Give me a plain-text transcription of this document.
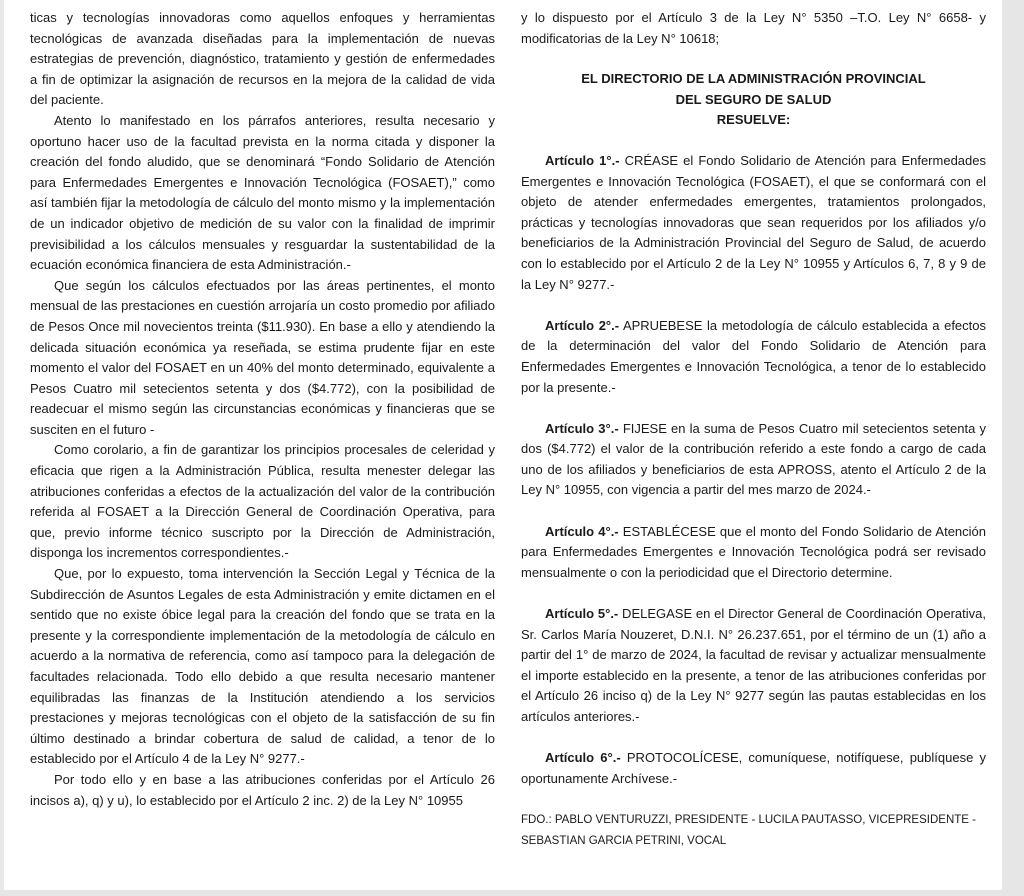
ticas y tecnologías innovadoras como aquellos enfoques y herramientas tecnológicas de avanzada diseñadas para la implementación de nuevas estrategias de prevención, diagnóstico, tratamiento y gestión de enfermedades a fin de optimizar la asignación de recursos en la mejora de la calidad de vida del paciente.

Atento lo manifestado en los párrafos anteriores, resulta necesario y oportuno hacer uso de la facultad prevista en la norma citada y disponer la creación del fondo aludido, que se denominará “Fondo Solidario de Atención para Enfermedades Emergentes e Innovación Tecnológica (FOSAET),” como así también fijar la metodología de cálculo del monto mismo y la implementación de un indicador objetivo de medición de su valor con la finalidad de imprimir previsibilidad a los cálculos mensuales y resguardar la sustentabilidad de la ecuación económica financiera de esta Administración.-

Que según los cálculos efectuados por las áreas pertinentes, el monto mensual de las prestaciones en cuestión arrojaría un costo promedio por afiliado de Pesos Once mil novecientos treinta ($11.930). En base a ello y atendiendo la delicada situación económica ya reseñada, se estima prudente fijar en este momento el valor del FOSAET en un 40% del monto determinado, equivalente a Pesos Cuatro mil setecientos setenta y dos ($4.772), con la posibilidad de readecuar el mismo según las circunstancias económicas y financieras que se susciten en el futuro -

Como corolario, a fin de garantizar los principios procesales de celeridad y eficacia que rigen a la Administración Pública, resulta menester delegar las atribuciones conferidas a efectos de la actualización del valor de la contribución referida al FOSAET a la Dirección General de Coordinación Operativa, para que, previo informe técnico suscripto por la Dirección de Administración, disponga los incrementos correspondientes.-

Que, por lo expuesto, toma intervención la Sección Legal y Técnica de la Subdirección de Asuntos Legales de esta Administración y emite dictamen en el sentido que no existe óbice legal para la creación del fondo que se trata en la presente y la correspondiente implementación de la metodología de cálculo en acuerdo a la normativa de referencia, como así tampoco para la delegación de facultades relacionada. Todo ello debido a que resulta necesario mantener equilibradas las finanzas de la Institución atendiendo a los servicios prestaciones y mejoras tecnológicas con el objeto de la satisfacción de su fin último destinado a brindar cobertura de salud de calidad, a tenor de lo establecido por el Artículo 4 de la Ley N° 9277.-

Por todo ello y en base a las atribuciones conferidas por el Artículo 26 incisos a), q) y u), lo establecido por el Artículo 2 inc. 2) de la Ley N° 10955

y lo dispuesto por el Artículo 3 de la Ley N° 5350 –T.O. Ley N° 6658- y modificatorias de la Ley N° 10618;

EL DIRECTORIO DE LA ADMINISTRACIÓN PROVINCIAL
DEL SEGURO DE SALUD
RESUELVE:

Artículo 1°.- CRÉASE el Fondo Solidario de Atención para Enfermedades Emergentes e Innovación Tecnológica (FOSAET), el que se conformará con el objeto de atender enfermedades emergentes, tratamientos prolongados, prácticas y tecnologías innovadoras que sean requeridos por los afiliados y/o beneficiarios de la Administración Provincial del Seguro de Salud, de acuerdo con lo establecido por el Artículo 2 de la Ley N° 10955 y Artículos 6, 7, 8 y 9 de la Ley N° 9277.-

Artículo 2°.- APRUEBESE la metodología de cálculo establecida a efectos de la determinación del valor del Fondo Solidario de Atención para Enfermedades Emergentes e Innovación Tecnológica, a tenor de lo establecido por la presente.-

Artículo 3°.- FIJESE en la suma de Pesos Cuatro mil setecientos setenta y dos ($4.772) el valor de la contribución referido a este fondo a cargo de cada uno de los afiliados y beneficiarios de esta APROSS, atento el Artículo 2 de la Ley N° 10955, con vigencia a partir del mes marzo de 2024.-

Artículo 4°.- ESTABLÉCESE que el monto del Fondo Solidario de Atención para Enfermedades Emergentes e Innovación Tecnológica podrá ser revisado mensualmente o con la periodicidad que el Directorio determine.

Artículo 5°.- DELEGASE en el Director General de Coordinación Operativa, Sr. Carlos María Nouzeret, D.N.I. N° 26.237.651, por el término de un (1) año a partir del 1° de marzo de 2024, la facultad de revisar y actualizar mensualmente el importe establecido en la presente, a tenor de las atribuciones conferidas por el Artículo 26 inciso q) de la Ley N° 9277 según las pautas establecidas en los artículos anteriores.-

Artículo 6°.- PROTOCOLÍCESE, comuníquese, notifíquese, publíquese y oportunamente Archívese.-

FDO.: PABLO VENTURUZZI, PRESIDENTE - LUCILA PAUTASSO, VICEPRESIDENTE - SEBASTIAN GARCIA PETRINI, VOCAL
